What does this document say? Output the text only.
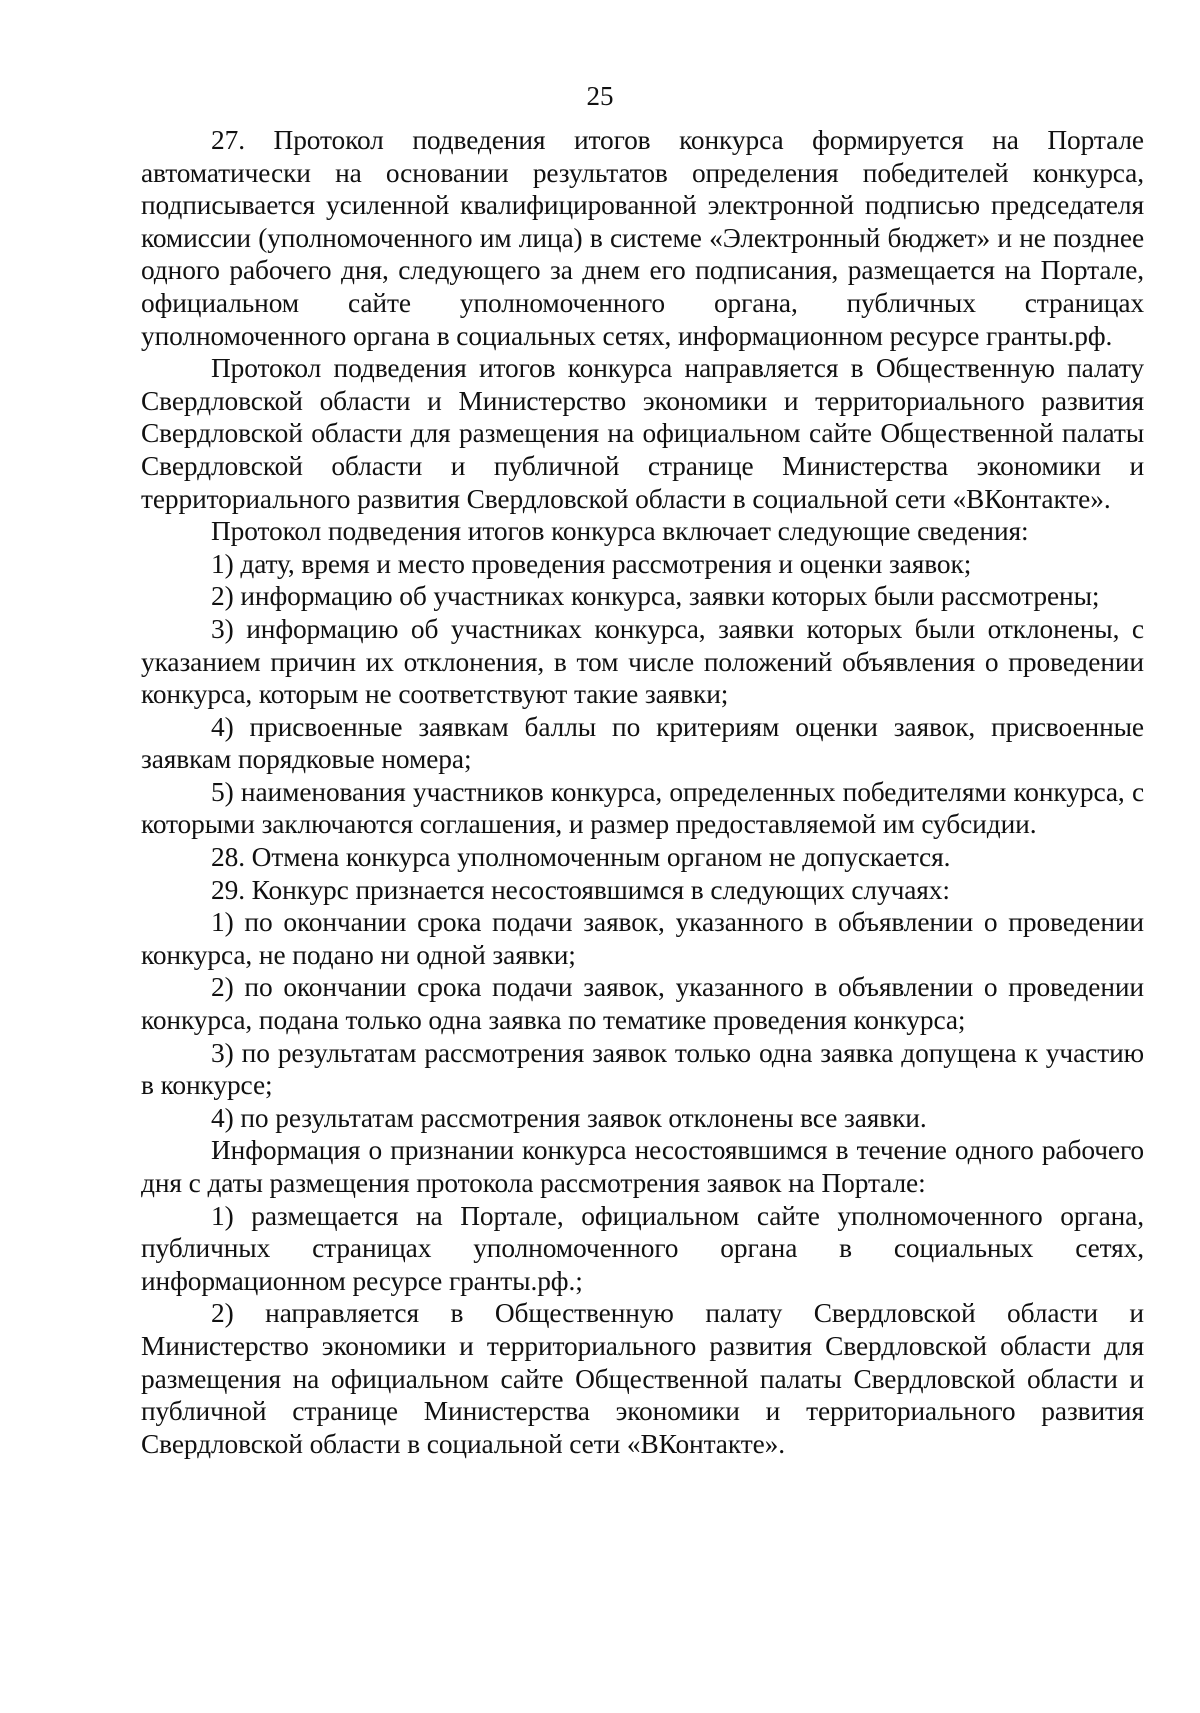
25

27. Протокол подведения итогов конкурса формируется на Портале автоматически на основании результатов определения победителей конкурса, подписывается усиленной квалифицированной электронной подписью председателя комиссии (уполномоченного им лица) в системе «Электронный бюджет» и не позднее одного рабочего дня, следующего за днем его подписания, размещается на Портале, официальном сайте уполномоченного органа, публичных страницах уполномоченного органа в социальных сетях, информационном ресурсе гранты.рф.

Протокол подведения итогов конкурса направляется в Общественную палату Свердловской области и Министерство экономики и территориального развития Свердловской области для размещения на официальном сайте Общественной палаты Свердловской области и публичной странице Министерства экономики и территориального развития Свердловской области в социальной сети «ВКонтакте».

Протокол подведения итогов конкурса включает следующие сведения:

1) дату, время и место проведения рассмотрения и оценки заявок;

2) информацию об участниках конкурса, заявки которых были рассмотрены;

3) информацию об участниках конкурса, заявки которых были отклонены, с указанием причин их отклонения, в том числе положений объявления о проведении конкурса, которым не соответствуют такие заявки;

4) присвоенные заявкам баллы по критериям оценки заявок, присвоенные заявкам порядковые номера;

5) наименования участников конкурса, определенных победителями конкурса, с которыми заключаются соглашения, и размер предоставляемой им субсидии.

28. Отмена конкурса уполномоченным органом не допускается.

29. Конкурс признается несостоявшимся в следующих случаях:

1) по окончании срока подачи заявок, указанного в объявлении о проведении конкурса, не подано ни одной заявки;

2) по окончании срока подачи заявок, указанного в объявлении о проведении конкурса, подана только одна заявка по тематике проведения конкурса;

3) по результатам рассмотрения заявок только одна заявка допущена к участию в конкурсе;

4) по результатам рассмотрения заявок отклонены все заявки.

Информация о признании конкурса несостоявшимся в течение одного рабочего дня с даты размещения протокола рассмотрения заявок на Портале:

1) размещается на Портале, официальном сайте уполномоченного органа, публичных страницах уполномоченного органа в социальных сетях, информационном ресурсе гранты.рф.;

2) направляется в Общественную палату Свердловской области и Министерство экономики и территориального развития Свердловской области для размещения на официальном сайте Общественной палаты Свердловской области и публичной странице Министерства экономики и территориального развития Свердловской области в социальной сети «ВКонтакте».
